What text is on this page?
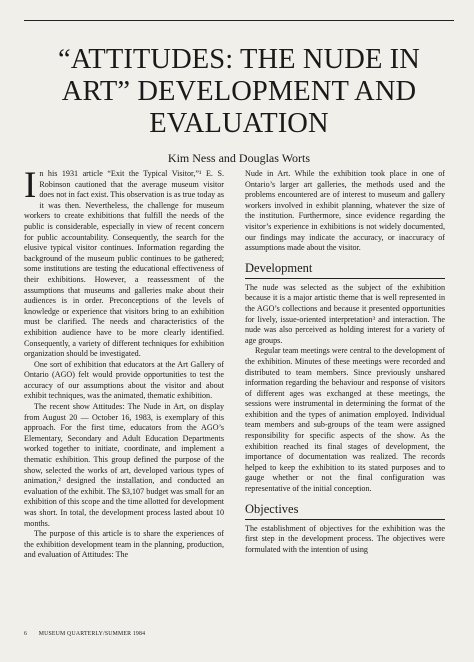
“ATTITUDES: THE NUDE IN
ART” DEVELOPMENT AND
EVALUATION
Kim Ness and Douglas Worts

In his 1931 article “Exit the Typical Visitor,”¹ E. S. Robinson cautioned that the average museum visitor does not in fact exist. This observation is as true today as it was then. Nevertheless, the challenge for museum workers to create exhibitions that fulfill the needs of the public is considerable, especially in view of recent concern for public accountability. Consequently, the search for the elusive typical visitor continues. Information regarding the background of the museum public continues to be gathered; some institutions are testing the educational effectiveness of their exhibitions. However, a reassessment of the assumptions that museums and galleries make about their audiences is in order. Preconceptions of the levels of knowledge or experience that visitors bring to an exhibition must be clarified. The needs and characteristics of the exhibition audience have to be more clearly identified. Consequently, a variety of different techniques for exhibition organization should be investigated.

One sort of exhibition that educators at the Art Gallery of Ontario (AGO) felt would provide opportunities to test the accuracy of our assumptions about the visitor and about exhibit techniques, was the animated, thematic exhibition.

The recent show Attitudes: The Nude in Art, on display from August 20 — October 16, 1983, is exemplary of this approach. For the first time, educators from the AGO’s Elementary, Secondary and Adult Education Departments worked together to initiate, coordinate, and implement a thematic exhibition. This group defined the purpose of the show, selected the works of art, developed various types of animation,² designed the installation, and conducted an evaluation of the exhibit. The $3,107 budget was small for an exhibition of this scope and the time allotted for development was short. In total, the development process lasted about 10 months.

The purpose of this article is to share the experiences of the exhibition development team in the planning, production, and evaluation of Attitudes: The

Nude in Art. While the exhibition took place in one of Ontario’s larger art galleries, the methods used and the problems encountered are of interest to museum and gallery workers involved in exhibit planning, whatever the size of the institution. Furthermore, since evidence regarding the visitor’s experience in exhibitions is not widely documented, our findings may indicate the accuracy, or inaccuracy of assumptions made about the visitor.

Development

The nude was selected as the subject of the exhibition because it is a major artistic theme that is well represented in the AGO’s collections and because it presented opportunities for lively, issue-oriented interpretation³ and interaction. The nude was also perceived as holding interest for a variety of age groups.

Regular team meetings were central to the development of the exhibition. Minutes of these meetings were recorded and distributed to team members. Since previously unshared information regarding the behaviour and response of visitors of different ages was exchanged at these meetings, the sessions were instrumental in determining the format of the exhibition and the types of animation employed. Individual team members and sub-groups of the team were assigned responsibility for specific aspects of the show. As the exhibition reached its final stages of development, the importance of documentation was realized. The records helped to keep the exhibition to its stated purposes and to gauge whether or not the final configuration was representative of the initial conception.

Objectives

The establishment of objectives for the exhibition was the first step in the development process. The objectives were formulated with the intention of using

6 MUSEUM QUARTERLY/SUMMER 1984
